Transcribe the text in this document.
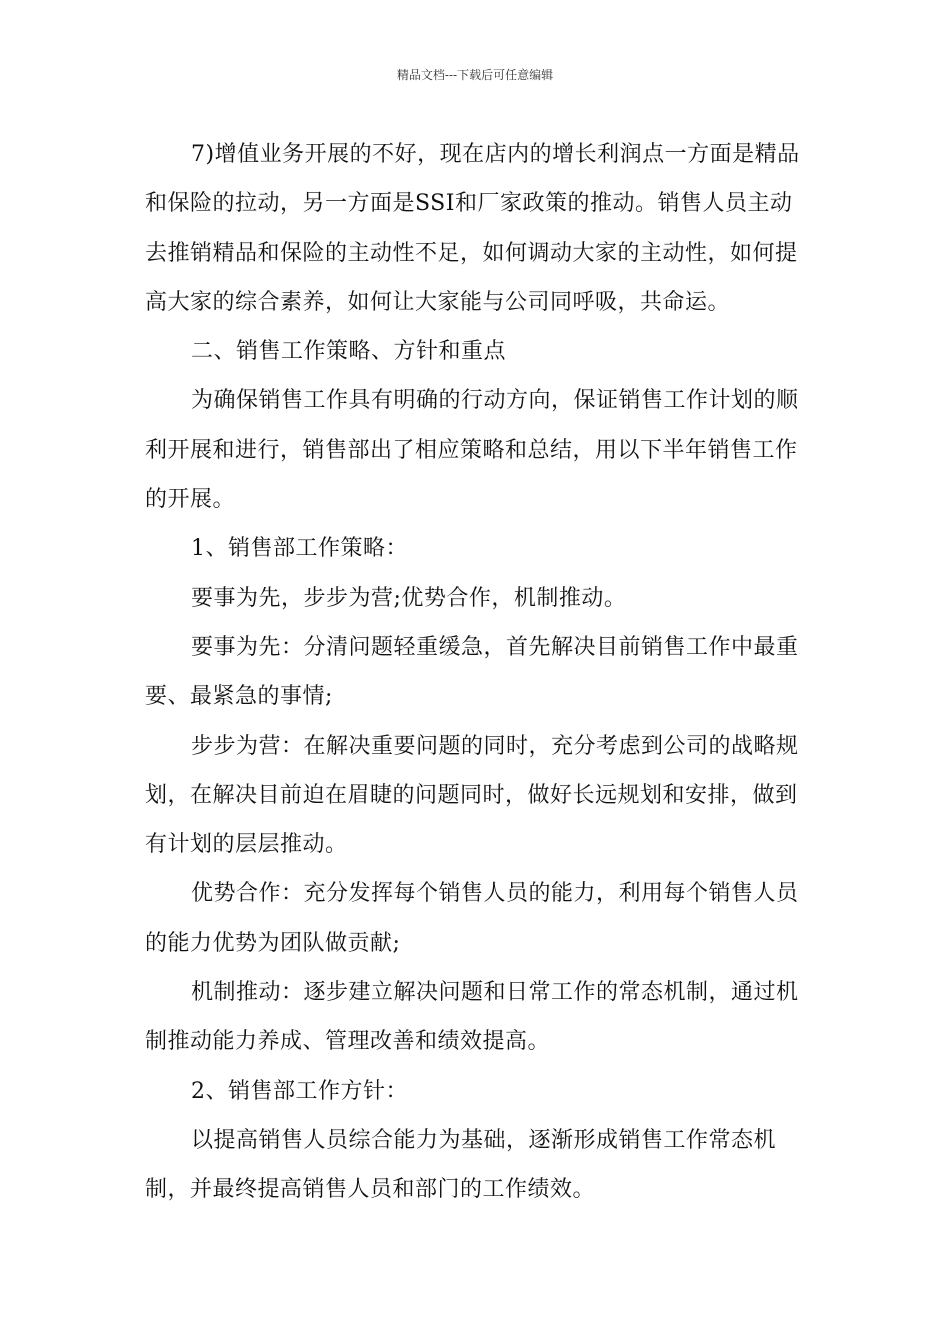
精品文档---下载后可任意编辑

7)增值业务开展的不好，现在店内的增长利润点一方面是精品和保险的拉动，另一方面是SSI和厂家政策的推动。销售人员主动去推销精品和保险的主动性不足，如何调动大家的主动性，如何提高大家的综合素养，如何让大家能与公司同呼吸，共命运。

二、销售工作策略、方针和重点

为确保销售工作具有明确的行动方向，保证销售工作计划的顺利开展和进行，销售部出了相应策略和总结，用以下半年销售工作的开展。

1、销售部工作策略：

要事为先，步步为营;优势合作，机制推动。

要事为先：分清问题轻重缓急，首先解决目前销售工作中最重要、最紧急的事情;

步步为营：在解决重要问题的同时，充分考虑到公司的战略规划，在解决目前迫在眉睫的问题同时，做好长远规划和安排，做到有计划的层层推动。

优势合作：充分发挥每个销售人员的能力，利用每个销售人员的能力优势为团队做贡献;

机制推动：逐步建立解决问题和日常工作的常态机制，通过机制推动能力养成、管理改善和绩效提高。

2、销售部工作方针：

以提高销售人员综合能力为基础，逐渐形成销售工作常态机制，并最终提高销售人员和部门的工作绩效。
